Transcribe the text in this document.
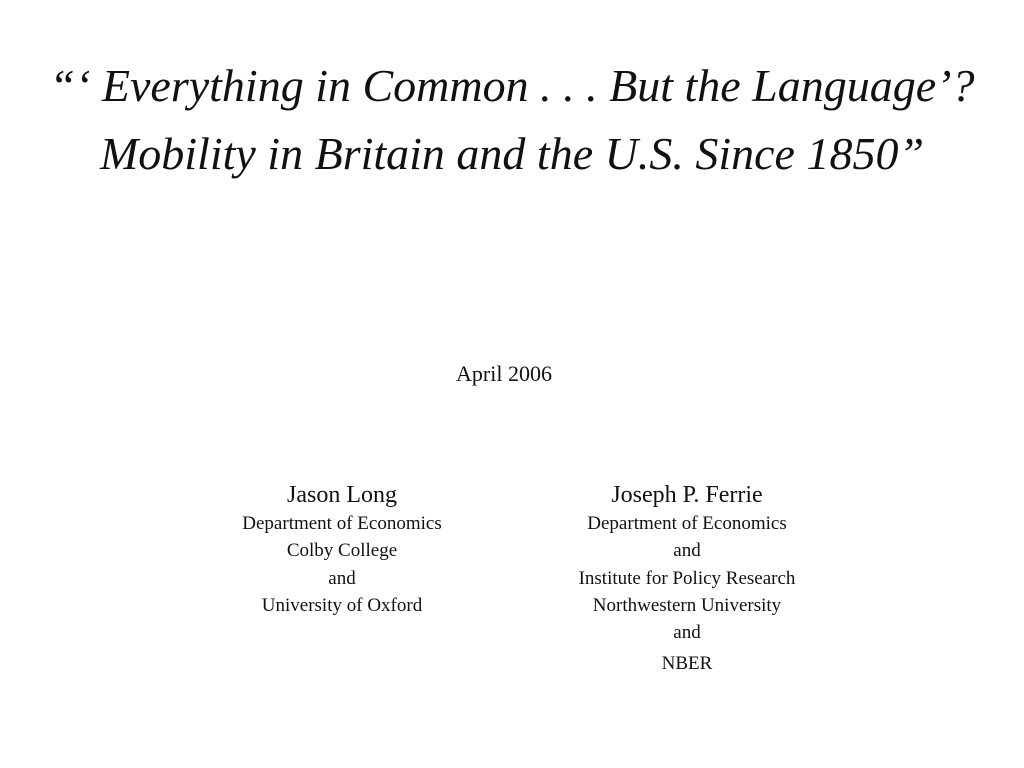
“‘ Everything in Common . . . But the Language’?
Mobility in Britain and the U.S. Since 1850”
April 2006
Jason Long
Department of Economics
Colby College
and
University of Oxford
Joseph P. Ferrie
Department of Economics
and
Institute for Policy Research
Northwestern University
and
NBER
